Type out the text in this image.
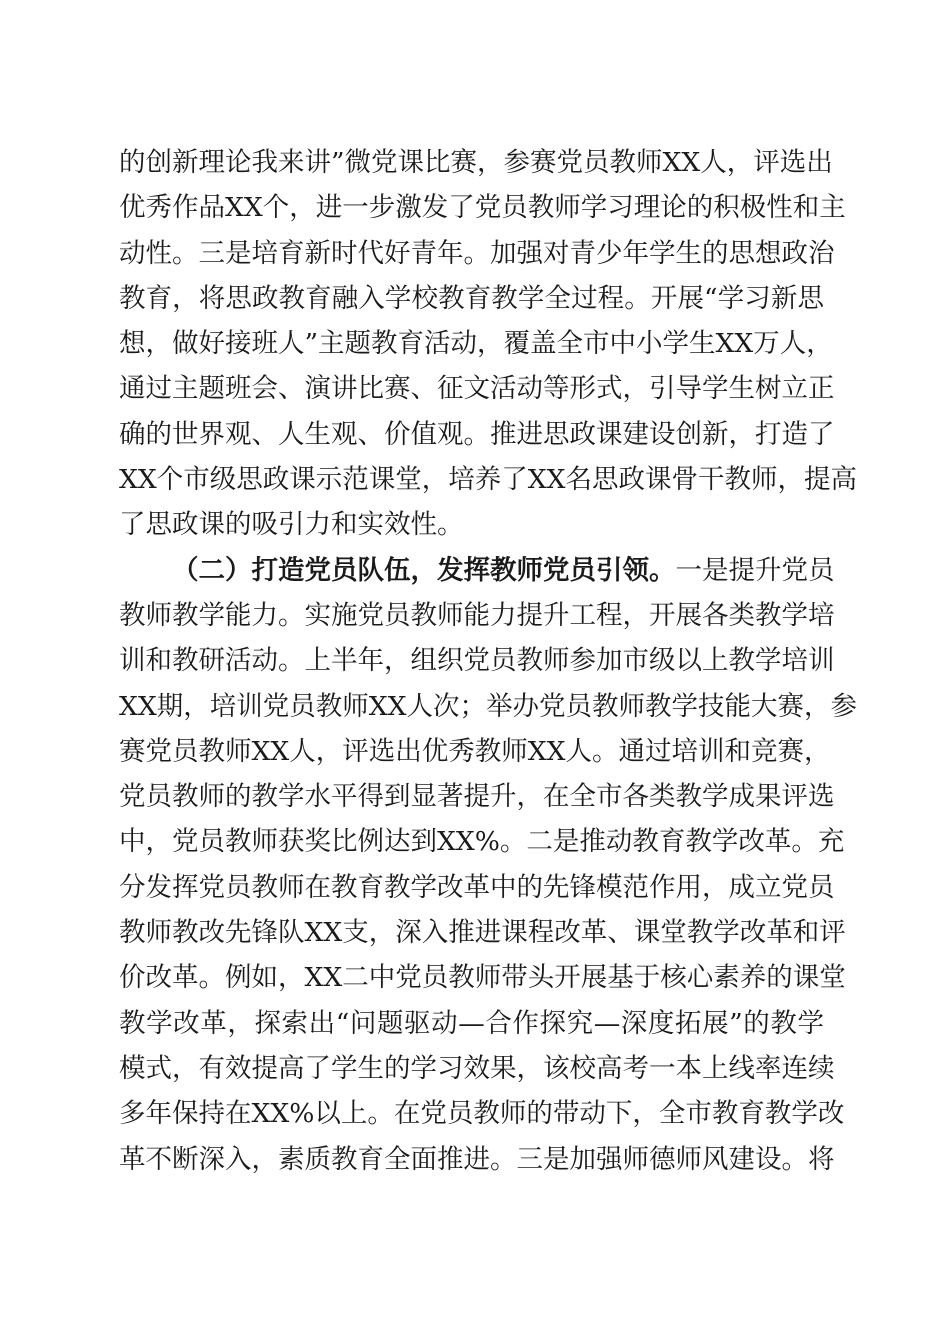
的创新理论我来讲”微党课比赛，参赛党员教师XX人，评选出
优秀作品XX个，进一步激发了党员教师学习理论的积极性和主
动性。三是培育新时代好青年。加强对青少年学生的思想政治
教育，将思政教育融入学校教育教学全过程。开展“学习新思
想，做好接班人”主题教育活动，覆盖全市中小学生XX万人，
通过主题班会、演讲比赛、征文活动等形式，引导学生树立正
确的世界观、人生观、价值观。推进思政课建设创新，打造了
XX个市级思政课示范课堂，培养了XX名思政课骨干教师，提高
了思政课的吸引力和实效性。
（二）打造党员队伍，发挥教师党员引领。一是提升党员
教师教学能力。实施党员教师能力提升工程，开展各类教学培
训和教研活动。上半年，组织党员教师参加市级以上教学培训
XX期，培训党员教师XX人次；举办党员教师教学技能大赛，参
赛党员教师XX人，评选出优秀教师XX人。通过培训和竞赛，
党员教师的教学水平得到显著提升，在全市各类教学成果评选
中，党员教师获奖比例达到XX%。二是推动教育教学改革。充
分发挥党员教师在教育教学改革中的先锋模范作用，成立党员
教师教改先锋队XX支，深入推进课程改革、课堂教学改革和评
价改革。例如，XX二中党员教师带头开展基于核心素养的课堂
教学改革，探索出“问题驱动—合作探究—深度拓展”的教学
模式，有效提高了学生的学习效果，该校高考一本上线率连续
多年保持在XX%以上。在党员教师的带动下，全市教育教学改
革不断深入，素质教育全面推进。三是加强师德师风建设。将
